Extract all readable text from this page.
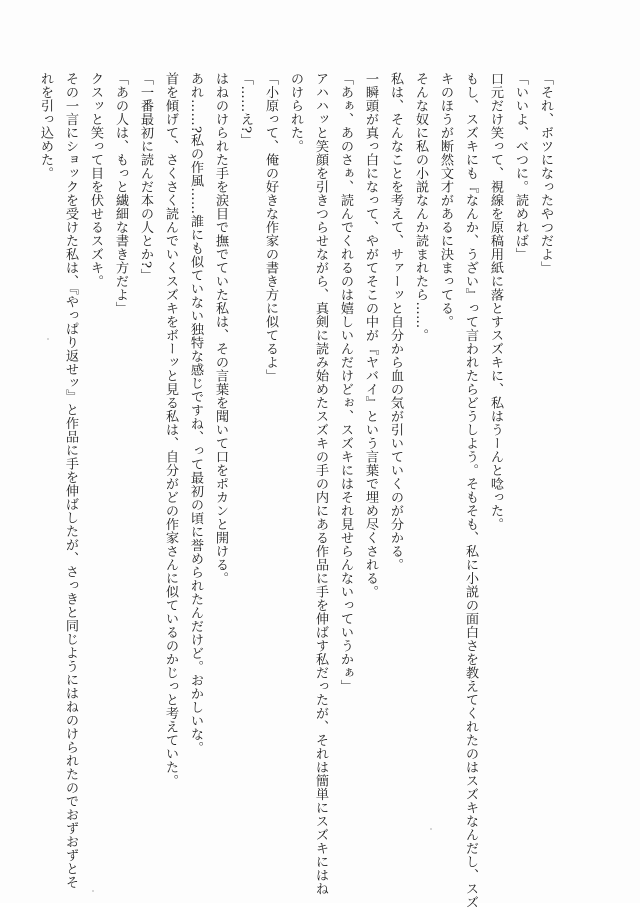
「それ、ボツになったやつだよ」
「いいよ、べつに。読めれば」
口元だけ笑って、視線を原稿用紙に落とすスズキに、私はうーんと唸った。
もし、スズキにも『なんか、うざい』って言われたらどうしよう。そもそも、私に小説の面白さを教えてくれたのはスズキなんだし、スズ
キのほうが断然文才があるに決まってる。
そんな奴に私の小説なんか読まれたら……。
私は、そんなことを考えて、サァーッと自分から血の気が引いていくのが分かる。
一瞬頭が真っ白になって、やがてそこの中が『ヤバイ』という言葉で埋め尽くされる。
「あぁ、あのさぁ、読んでくれるのは嬉しいんだけどぉ、スズキにはそれ見せらんないっていうかぁ」
アハハッと笑顔を引きつらせながら、真剣に読み始めたスズキの手の内にある作品に手を伸ばす私だったが、それは簡単にスズキにはね
のけられた。
「小原って、俺の好きな作家の書き方に似てるよ」
「……え?」
はねのけられた手を涙目で撫でていた私は、その言葉を聞いて口をポカンと開ける。
あれ……?私の作風……誰にも似ていない独特な感じですね、って最初の頃に誉められたんだけど。おかしいな。
首を傾げて、さくさく読んでいくスズキをボーッと見る私は、自分がどの作家さんに似ているのかじっと考えていた。
「一番最初に読んだ本の人とか?」
「あの人は、もっと繊細な書き方だよ」
クスッと笑って目を伏せるスズキ。
その一言にショックを受けた私は、『やっぱり返せッ』と作品に手を伸ばしたが、さっきと同じようにはねのけられたのでおずおずとそ
れを引っ込めた。
